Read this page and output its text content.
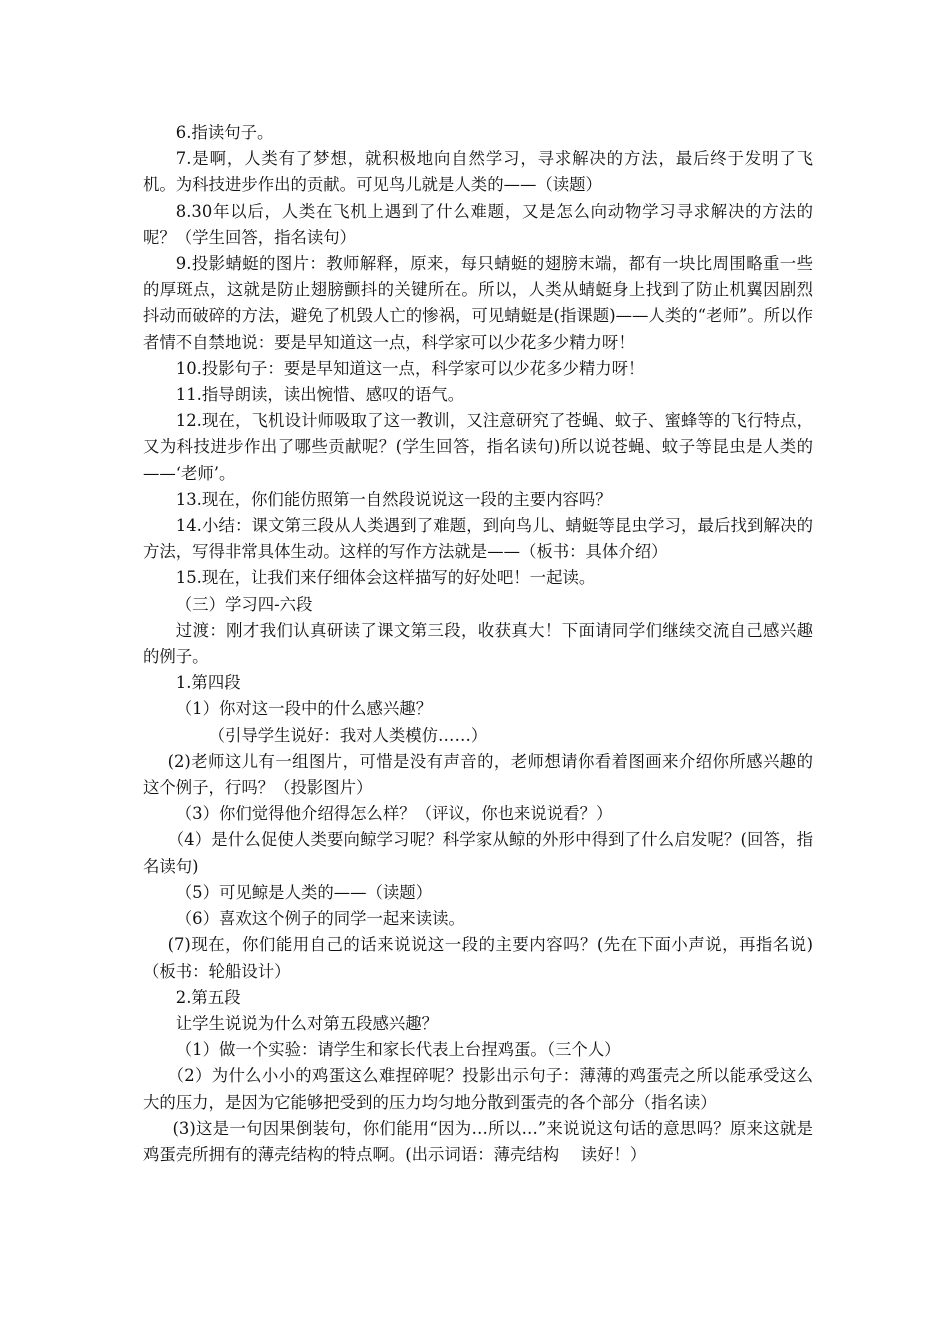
6.指读句子。

7.是啊，人类有了梦想，就积极地向自然学习，寻求解决的方法，最后终于发明了飞机。为科技进步作出的贡献。可见鸟儿就是人类的——（读题）

8.30年以后，人类在飞机上遇到了什么难题，又是怎么向动物学习寻求解决的方法的呢？（学生回答，指名读句）

9.投影蜻蜓的图片：教师解释，原来，每只蜻蜓的翅膀末端，都有一块比周围略重一些的厚斑点，这就是防止翅膀颤抖的关键所在。所以，人类从蜻蜓身上找到了防止机翼因剧烈抖动而破碎的方法，避免了机毁人亡的惨祸，可见蜻蜓是(指课题)——人类的“老师”。所以作者情不自禁地说：要是早知道这一点，科学家可以少花多少精力呀！

10.投影句子：要是早知道这一点，科学家可以少花多少精力呀！

11.指导朗读，读出惋惜、感叹的语气。

12.现在，飞机设计师吸取了这一教训，又注意研究了苍蝇、蚊子、蜜蜂等的飞行特点，又为科技进步作出了哪些贡献呢？(学生回答，指名读句)所以说苍蝇、蚊子等昆虫是人类的——‘老师’。

13.现在，你们能仿照第一自然段说说这一段的主要内容吗？

14.小结：课文第三段从人类遇到了难题，到向鸟儿、蜻蜓等昆虫学习，最后找到解决的方法，写得非常具体生动。这样的写作方法就是——（板书：具体介绍）

15.现在，让我们来仔细体会这样描写的好处吧！一起读。

（三）学习四-六段

过渡：刚才我们认真研读了课文第三段，收获真大！下面请同学们继续交流自己感兴趣的例子。

1.第四段

（1）你对这一段中的什么感兴趣？

（引导学生说好：我对人类模仿……）

(2)老师这儿有一组图片，可惜是没有声音的，老师想请你看着图画来介绍你所感兴趣的这个例子，行吗？（投影图片）

（3）你们觉得他介绍得怎么样？（评议，你也来说说看？）

（4）是什么促使人类要向鲸学习呢？科学家从鲸的外形中得到了什么启发呢？(回答，指名读句)

（5）可见鲸是人类的——（读题）

（6）喜欢这个例子的同学一起来读读。

(7)现在，你们能用自己的话来说说这一段的主要内容吗？(先在下面小声说，再指名说)（板书：轮船设计）

2.第五段

让学生说说为什么对第五段感兴趣？

（1）做一个实验：请学生和家长代表上台捏鸡蛋。（三个人）

（2）为什么小小的鸡蛋这么难捏碎呢？投影出示句子：薄薄的鸡蛋壳之所以能承受这么大的压力，是因为它能够把受到的压力均匀地分散到蛋壳的各个部分（指名读）

(3)这是一句因果倒装句，你们能用“因为…所以…”来说说这句话的意思吗？原来这就是鸡蛋壳所拥有的薄壳结构的特点啊。(出示词语：薄壳结构　 读好！）
